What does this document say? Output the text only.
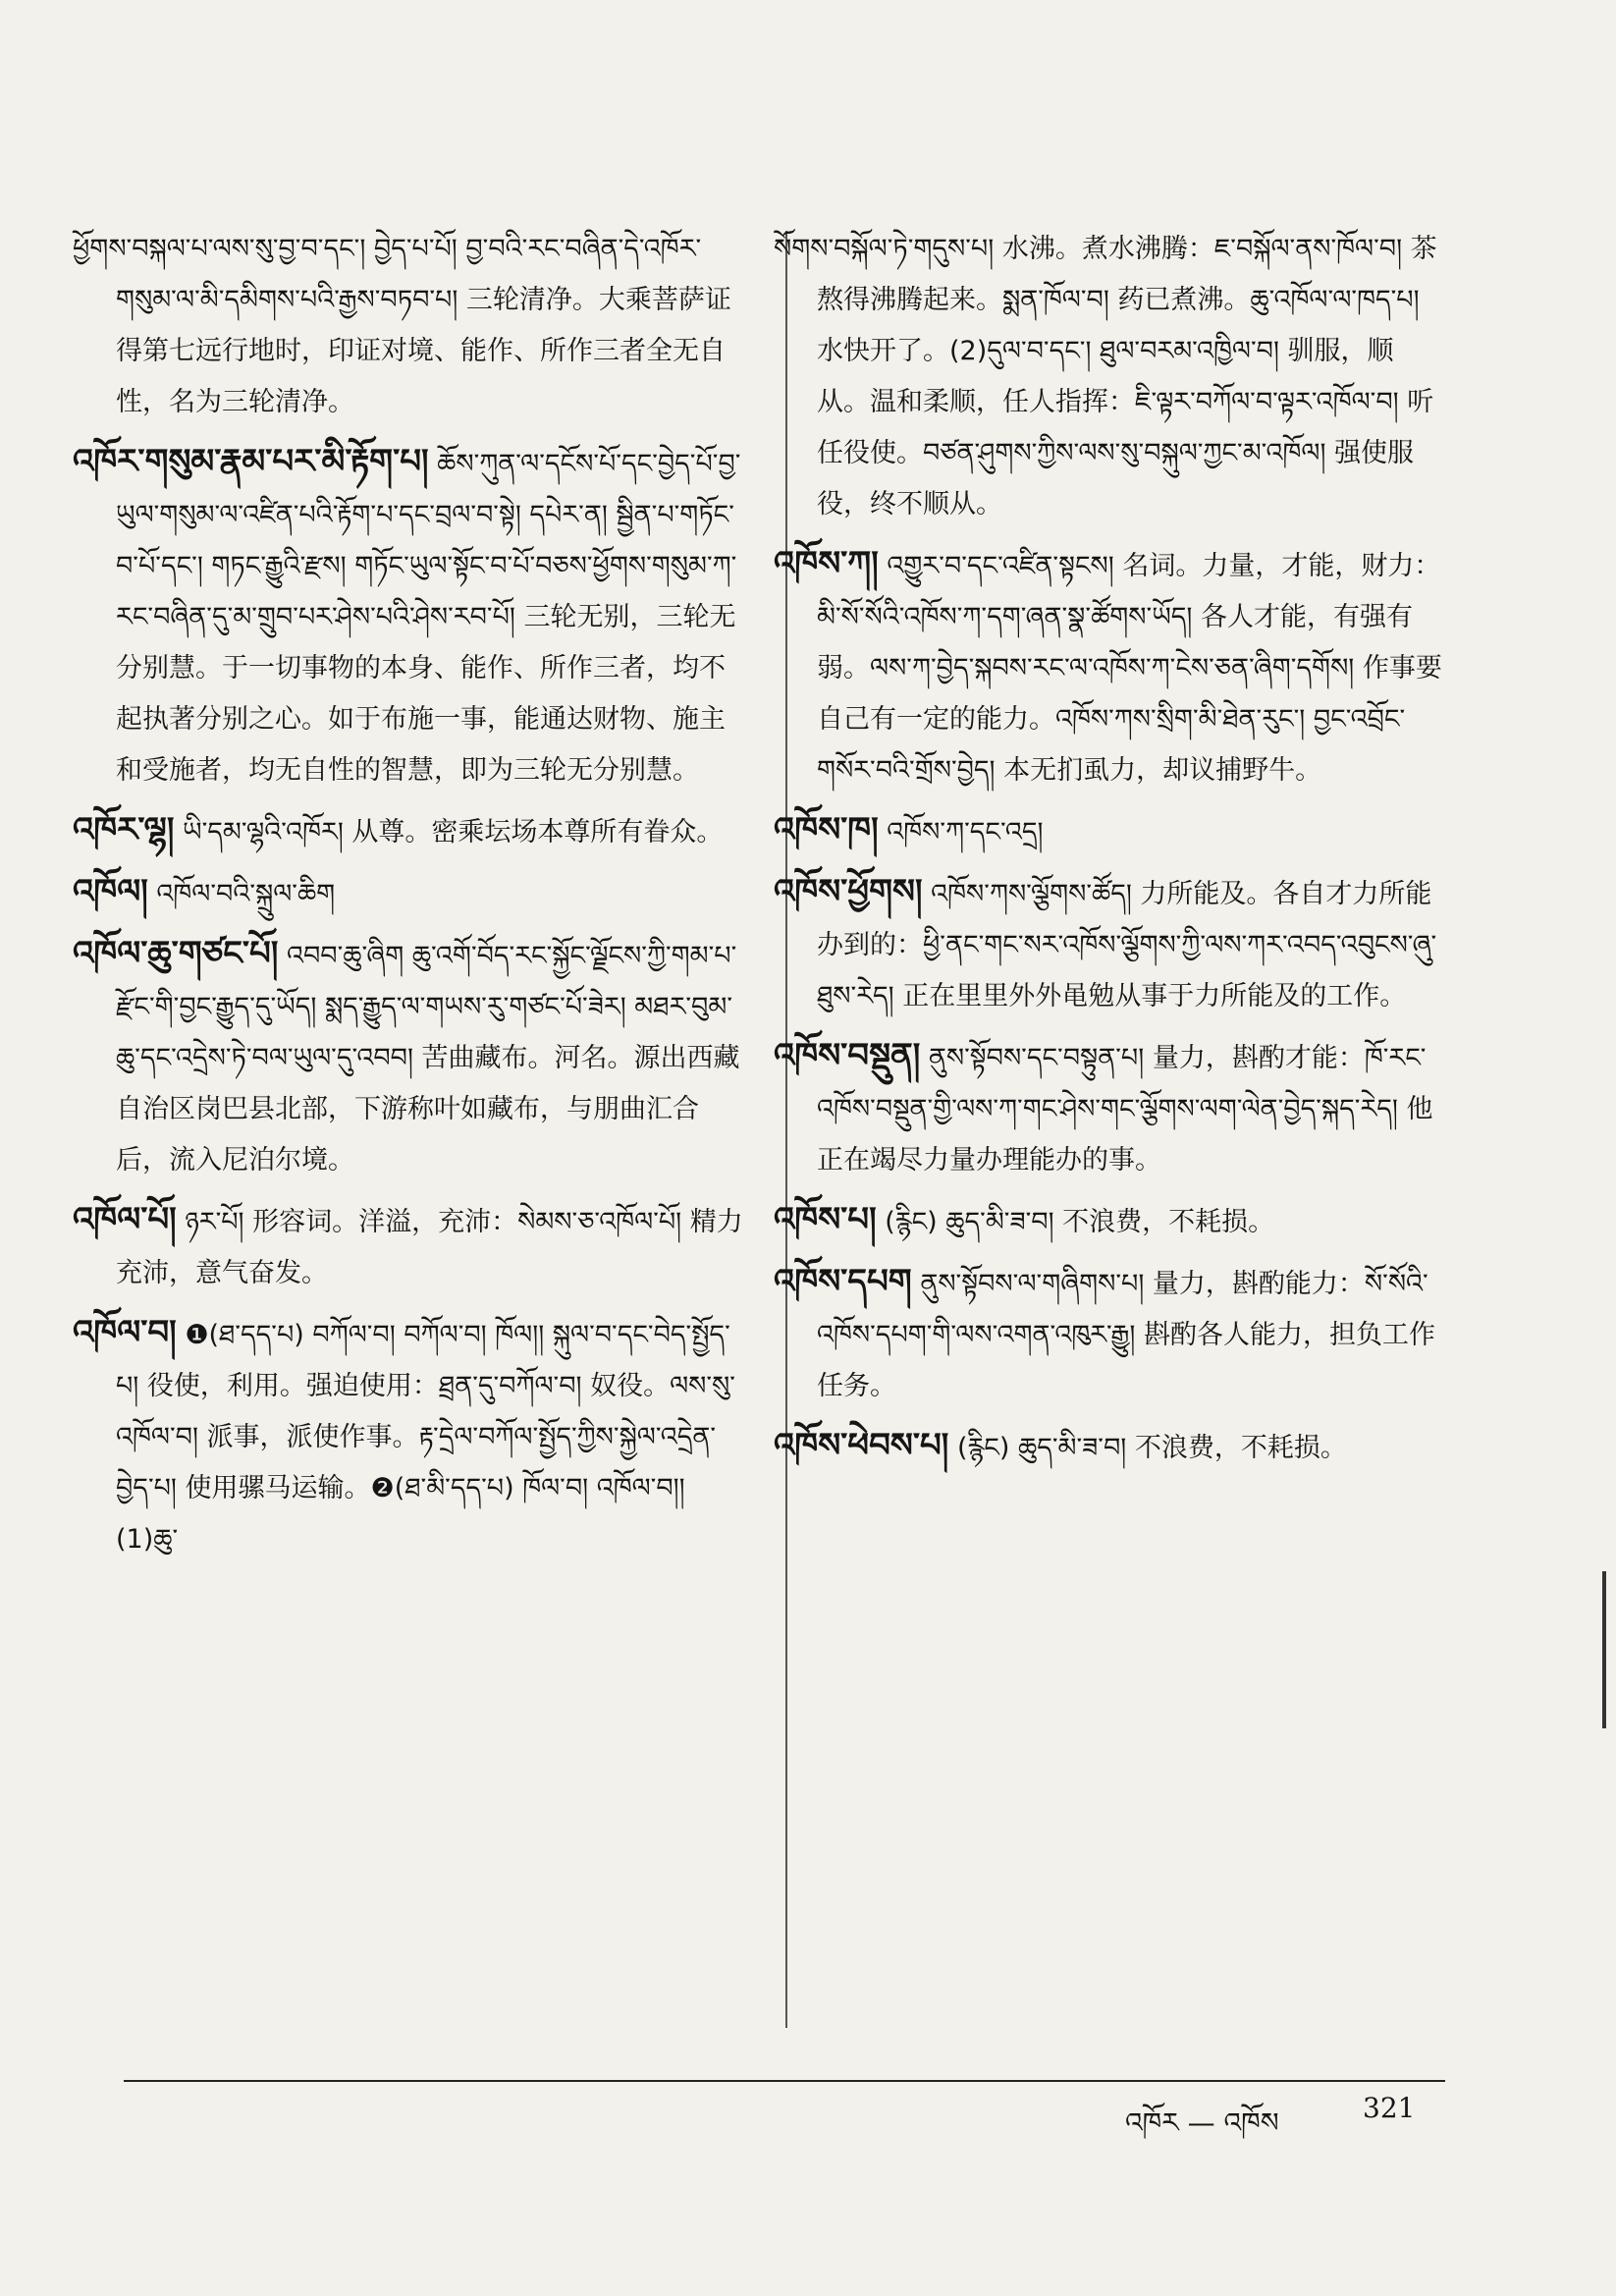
ཕྱོགས་བསྐལ་པ་ལས་སུ་བྱ་བ་དང་། བྱེད་པ་པོ། བྱ་བའི་རང་བཞིན་དེ་འཁོར་གསུམ་ལ་མི་དམིགས་པའི་རྒྱས་བཏབ་པ། 三轮清净。大乘菩萨证得第七远行地时，印证对境、能作、所作三者全无自性，名为三轮清净。

འཁོར་གསུམ་རྣམ་པར་མི་རྟོག་པ། ཆོས་ཀུན་ལ་དངོས་པོ་དང་བྱེད་པོ་བྱ་ཡུལ་གསུམ་ལ་འཛིན་པའི་རྟོག་པ་དང་བྲལ་བ་སྟེ། དཔེར་ན། སྦྱིན་པ་གཏོང་བ་པོ་དང་། གཏང་རྒྱུའི་རྫས། གཏོང་ཡུལ་སྟོང་བ་པོ་བཅས་ཕྱོགས་གསུམ་ཀ་རང་བཞིན་དུ་མ་གྲུབ་པར་ཤེས་པའི་ཤེས་རབ་པོ། 三轮无别，三轮无分别慧。于一切事物的本身、能作、所作三者，均不起执著分别之心。如于布施一事，能通达财物、施主和受施者，均无自性的智慧，即为三轮无分别慧。

འཁོར་ལྷ། ཡི་དམ་ལྷའི་འཁོར། 从尊。密乘坛场本尊所有眷众。

འཁོལ། འཁོལ་བའི་སྐྲུལ་ཆིག

འཁོལ་ཆུ་གཙང་པོ། འབབ་ཆུ་ཞིག ཆུ་འགོ་བོད་རང་སྐྱོང་ལྗོངས་ཀྱི་གམ་པ་རྫོང་གི་བྱང་རྒྱུད་དུ་ཡོད། སྨད་རྒྱུད་ལ་གཡས་རུ་གཙང་པོ་ཟེར། མཐར་བུམ་ཆུ་དང་འདྲེས་ཏེ་བལ་ཡུལ་དུ་འབབ། 苦曲藏布。河名。源出西藏自治区岗巴县北部，下游称叶如藏布，与朋曲汇合后，流入尼泊尔境。

འཁོལ་པོ། ཉར་པོ། 形容词。洋溢，充沛：སེམས་ཅ་འཁོལ་པོ། 精力充沛，意气奋发。

འཁོལ་བ། ❶(ཐ་དད་པ) བཀོལ་བ། བཀོལ་བ། ཁོལ།། སྐུལ་བ་དང་བེད་སྤྱོད་པ། 役使，利用。强迫使用：ཐྲན་དུ་བཀོལ་བ། 奴役。ལས་སུ་འཁོལ་བ། 派事，派使作事。རྟ་དྲེལ་བཀོལ་སྤྱོད་ཀྱིས་སྐྱེལ་འདྲེན་བྱེད་པ། 使用骡马运输。❷(ཐ་མི་དད་པ) ཁོལ་བ། འཁོལ་བ།། (1)ཆུ་

སོགས་བསྐོལ་ཏེ་གདུས་པ། 水沸。煮水沸腾：ཇ་བསྐོལ་ནས་ཁོལ་བ། 茶熬得沸腾起来。སྨན་ཁོལ་བ། 药已煮沸。ཆུ་འཁོལ་ལ་ཁད་པ། 水快开了。(2)དུལ་བ་དང་། ཐུལ་བརམ་འཁྱིལ་བ། 驯服，顺从。温和柔顺，任人指挥：ཇི་ལྟར་བཀོལ་བ་ལྟར་འཁོལ་བ། 听任役使。བཙན་ཤུགས་ཀྱིས་ལས་སུ་བསྐུལ་ཀྱང་མ་འཁོལ། 强使服役，终不顺从。

འཁོས་ཀ། འགྱུར་བ་དང་འཛིན་སྟངས། 名词。力量，才能，财力：མི་སོ་སོའི་འཁོས་ཀ་དག་ཞན་སྣ་ཚོགས་ཡོད། 各人才能，有强有弱。ལས་ཀ་བྱེད་སྐབས་རང་ལ་འཁོས་ཀ་ངེས་ཅན་ཞིག་དགོས། 作事要自己有一定的能力。འཁོས་ཀས་སྲིག་མི་ཐེན་རུང་། བྱང་འབྲོང་གསོར་བའི་གྲོས་བྱེད། 本无扪虱力，却议捕野牛。

འཁོས་ཁ། འཁོས་ཀ་དང་འདྲ།

འཁོས་ཕྱོགས། འཁོས་ཀས་ལྕོགས་ཚོད། 力所能及。各自才力所能办到的：ཕྱི་ནང་གང་སར་འཁོས་ལྕོགས་ཀྱི་ལས་ཀར་འབད་འབུངས་ཞུ་ཐུས་རེད། 正在里里外外黾勉从事于力所能及的工作。

འཁོས་བསྡུན། ནུས་སྟོབས་དང་བསྟུན་པ། 量力，斟酌才能：ཁོ་རང་འཁོས་བསྡུན་གྱི་ལས་ཀ་གང་ཤེས་གང་ལྕོགས་ལག་ལེན་བྱེད་སྐད་རེད། 他正在竭尽力量办理能办的事。

འཁོས་པ། (རྙིང) ཆུད་མི་ཟ་བ། 不浪费，不耗损。

འཁོས་དཔག ནུས་སྟོབས་ལ་གཞིགས་པ། 量力，斟酌能力：སོ་སོའི་འཁོས་དཔག་གི་ལས་འགན་འཁུར་རྒྱུ། 斟酌各人能力，担负工作任务。

འཁོས་ཕེབས་པ། (རྙིང) ཆུད་མི་ཟ་བ། 不浪费，不耗损。

འཁོར — འཁོས	321
